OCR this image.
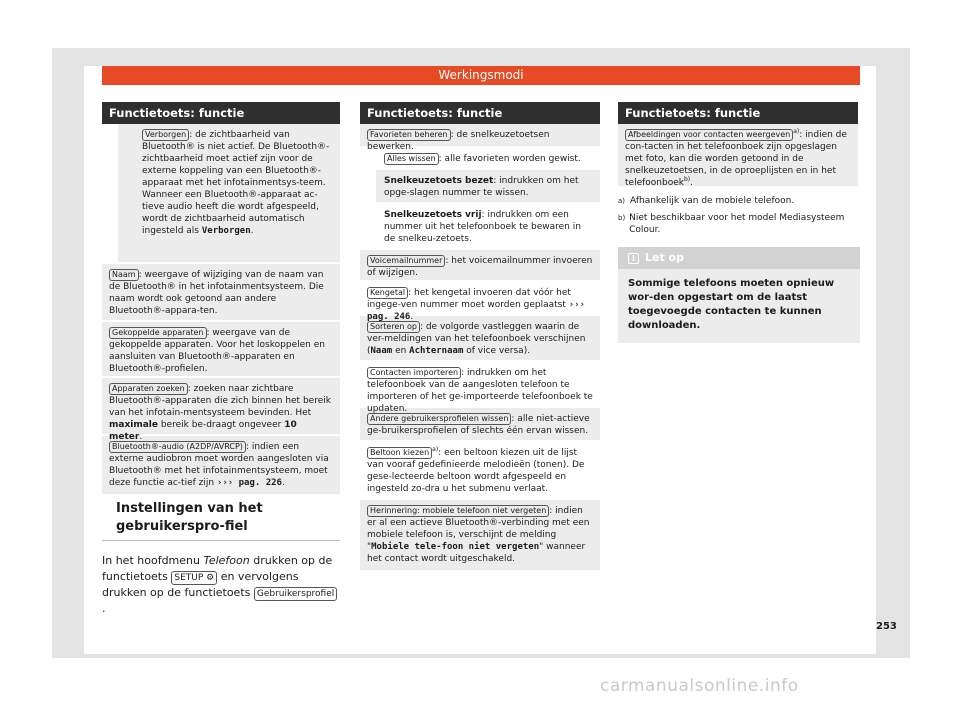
Werkingsmodi
Functietoets: functie
Verborgen : de zichtbaarheid van Bluetooth® is niet actief. De Bluetooth®-zichtbaarheid moet actief zijn voor de externe koppeling van een Bluetooth®-apparaat met het infotainmentsys-teem. Wanneer een Bluetooth®-apparaat ac-tieve audio heeft die wordt afgespeeld, wordt de zichtbaarheid automatisch ingesteld als Verborgen.
Naam : weergave of wijziging van de naam van de Bluetooth® in het infotainmentsysteem. Die naam wordt ook getoond aan andere Bluetooth®-appara-ten.
Gekoppelde apparaten : weergave van de gekoppelde apparaten. Voor het loskoppelen en aansluiten van Bluetooth®-apparaten en Bluetooth®-profielen.
Apparaten zoeken : zoeken naar zichtbare Bluetooth®-apparaten die zich binnen het bereik van het infotain-mentsysteem bevinden. Het maximale bereik be-draagt ongeveer 10 meter.
Bluetooth®-audio (A2DP/AVRCP) : indien een externe audiobron moet worden aangesloten via Bluetooth® met het infotainmentsysteem, moet deze functie ac-tief zijn ››› pag. 226.
Instellingen van het gebruikerspro-fiel
In het hoofdmenu Telefoon drukken op de functietoets SETUP ⚙ en vervolgens drukken op de functietoets Gebruikersprofiel.
Functietoets: functie
Favorieten beheren : de snelkeuzetoetsen bewerken.
Alles wissen : alle favorieten worden gewist.
Snelkeuzetoets bezet: indrukken om het opge-slagen nummer te wissen.
Snelkeuzetoets vrij: indrukken om een nummer uit het telefoonboek te bewaren in de snelkeu-zetoets.
Voicemailnummer : het voicemailnummer invoeren of wijzigen.
Kengetal : het kengetal invoeren dat vóór het ingege-ven nummer moet worden geplaatst ››› pag. 246.
Sorteren op : de volgorde vastleggen waarin de ver-meldingen van het telefoonboek verschijnen (Naam en Achternaam of vice versa).
Contacten importeren : indrukken om het telefoonboek van de aangesloten telefoon te importeren of het ge-importeerde telefoonboek te updaten.
Andere gebruikersprofielen wissen : alle niet-actieve ge-bruikersprofielen of slechts één ervan wissen.
Beltoon kiezen $^{a)}$: een beltoon kiezen uit de lijst van vooraf gedefinieerde melodieën (tonen). De gese-lecteerde beltoon wordt afgespeeld en ingesteld zo-dra u het submenu verlaat.
Herinnering: mobiele telefoon niet vergeten : indien er al een actieve Bluetooth®-verbinding met een mobiele telefoon is, verschijnt de melding "Mobiele tele-foon niet vergeten" wanneer het contact wordt uitgeschakeld.
Functietoets: functie
Afbeeldingen voor contacten weergeven $^{a)}$: indien de con-tacten in het telefoonboek zijn opgeslagen met foto, kan die worden getoond in de snelkeuzetoetsen, in de oproeplijsten en in het telefoonboek$^{b)}$.
a) Afhankelijk van de mobiele telefoon.
b) Niet beschikbaar voor het model Mediasysteem Colour.
i Let op
Sommige telefoons moeten opnieuw wor-den opgestart om de laatst toegevoegde contacten te kunnen downloaden.
253
carmanualsonline.info
